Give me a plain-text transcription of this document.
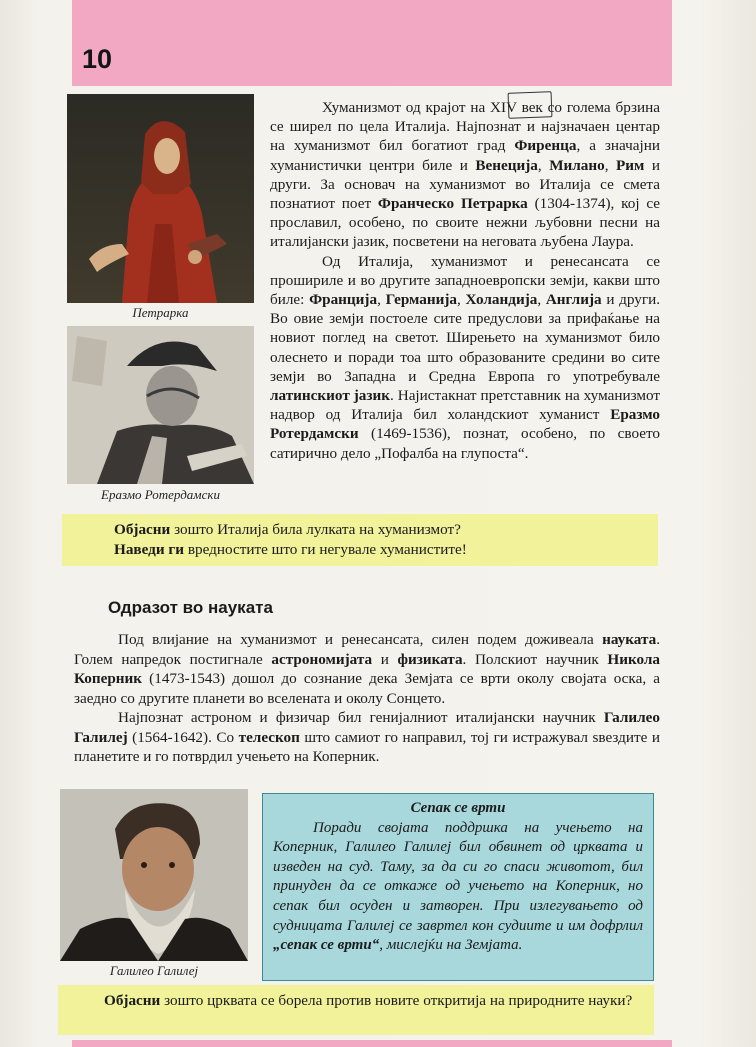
10
Петрарка
Еразмо Ротердамски

Хуманизмот од крајот на XIV век со голема брзина се ширел по цела Италија. Најпознат и најзначаен центар на хуманизмот бил богатиот град Фиренца, а значајни хуманистички центри биле и Венеција, Милано, Рим и други. За основач на хуманизмот во Италија се смета познатиот поет Франческо Петрарка (1304-1374), кој се прославил, особено, по своите нежни љубовни песни на италијански јазик, посветени на неговата љубена Лаура.

Од Италија, хуманизмот и ренесансата се прошириле и во другите западноевропски земји, какви што биле: Франција, Германија, Холандија, Англија и други. Во овие земји постоеле сите предуслови за прифаќање на новиот поглед на светот. Ширењето на хуманизмот било олеснето и поради тоа што образованите средини во сите земји во Западна и Средна Европа го употребувале латинскиот јазик. Најистакнат претставник на хуманизмот надвор од Италија бил холандскиот хуманист Еразмо Ротердамски (1469-1536), познат, особено, по своето сатирично дело „Пофалба на глупоста“.

Објасни зошто Италија била лулката на хуманизмот?
Наведи ги вредностите што ги негувале хуманистите!
Одразот во науката

Под влијание на хуманизмот и ренесансата, силен подем доживеала науката. Голем напредок постигнале астрономијата и физиката. Полскиот научник Никола Коперник (1473-1543) дошол до сознание дека Земјата се врти околу својата оска, а заедно со другите планети во вселената и околу Сонцето.

Најпознат астроном и физичар бил генијалниот италијански научник Галилео Галилеј (1564-1642). Со телескоп што самиот го направил, тој ги истражувал ѕвездите и планетите и го потврдил учењето на Коперник.

Галилео Галилеј
Сепак се врти

Поради својата поддршка на учењето на Коперник, Галилео Галилеј бил обвинет од црквата и изведен на суд. Таму, за да си го спаси животот, бил принуден да се откаже од учењето на Коперник, но сепак бил осуден и затворен. При излегувањето од судницата Галилеј се завртел кон судиите и им дофрлил „сепак се врти“, мислејќи на Земјата.

Објасни зошто црквата се борела против новите откритија на природните науки?
